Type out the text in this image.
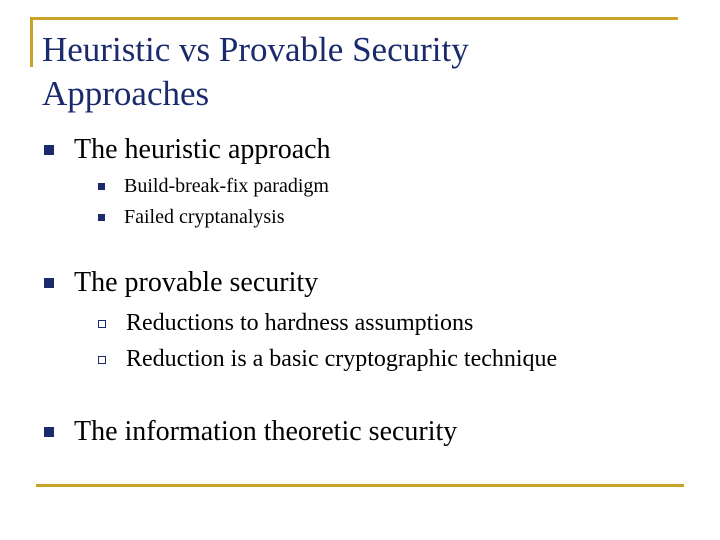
Heuristic vs Provable Security
Approaches
The heuristic approach
Build-break-fix paradigm
Failed cryptanalysis
The provable security
Reductions to hardness assumptions
Reduction is a basic cryptographic technique
The information theoretic security
